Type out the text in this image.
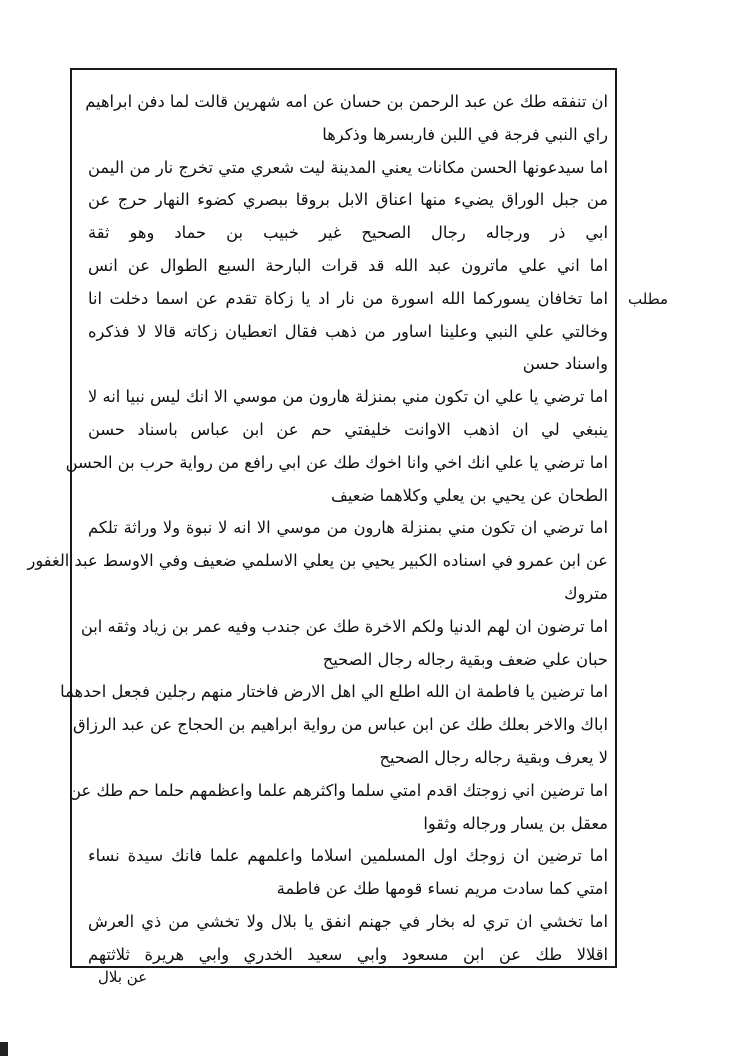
ان تنفقه طك عن عبد الرحمن بن حسان عن امه شهرين قالت لما دفن ابراهيم
راي النبي فرجة في اللبن فاربسرها وذكرها
اما سيدعونها الحسن مكانات يعني المدينة ليت شعري متي تخرج نار من اليمن
من جبل الوراق يضيء منها اعناق الابل بروقا ببصري كضوء النهار حرج عن
ابي ذر ورجاله رجال الصحيح غير خبيب بن حماد وهو ثقة
اما اني علي ماترون عبد الله قد قرات البارحة السبع الطوال عن انس
اما تخافان يسوركما الله اسورة من نار اد يا زكاة تقدم عن اسما دخلت انا
وخالتي علي النبي وعلينا اساور من ذهب فقال اتعطيان زكاته قالا لا فذكره
واسناد حسن
اما ترضي يا علي ان تكون مني بمنزلة هارون من موسي الا انك ليس نبيا انه لا
ينبغي لي ان اذهب الاوانت خليفتي حم عن ابن عباس باسناد حسن
اما ترضي يا علي انك اخي وانا اخوك طك عن ابي رافع من رواية حرب بن الحسن
الطحان عن يحيي بن يعلي وكلاهما ضعيف
اما ترضي ان تكون مني بمنزلة هارون من موسي الا انه لا نبوة ولا وراثة تلكم
عن ابن عمرو في اسناده الكبير يحيي بن يعلي الاسلمي ضعيف وفي الاوسط عبد الغفور
متروك
اما ترضون ان لهم الدنيا ولكم الاخرة طك عن جندب وفيه عمر بن زياد وثقه ابن
حبان علي ضعف وبقية رجاله رجال الصحيح
اما ترضين يا فاطمة ان الله اطلع الي اهل الارض فاختار منهم رجلين فجعل احدهما
اباك والاخر بعلك طك عن ابن عباس من رواية ابراهيم بن الحجاج عن عبد الرزاق
لا يعرف وبقية رجاله رجال الصحيح
اما ترضين اني زوجتك اقدم امتي سلما واكثرهم علما واعظمهم حلما حم طك عن
معقل بن يسار ورجاله وثقوا
اما ترضين ان زوجك اول المسلمين اسلاما واعلمهم علما فانك سيدة نساء
امتي كما سادت مريم نساء قومها طك عن فاطمة
اما تخشي ان تري له بخار في جهنم انفق يا بلال ولا تخشي من ذي العرش
اقلالا طك عن ابن مسعود وابي سعيد الخدري وابي هريرة ثلاثتهم
مطلب
عن بلال
